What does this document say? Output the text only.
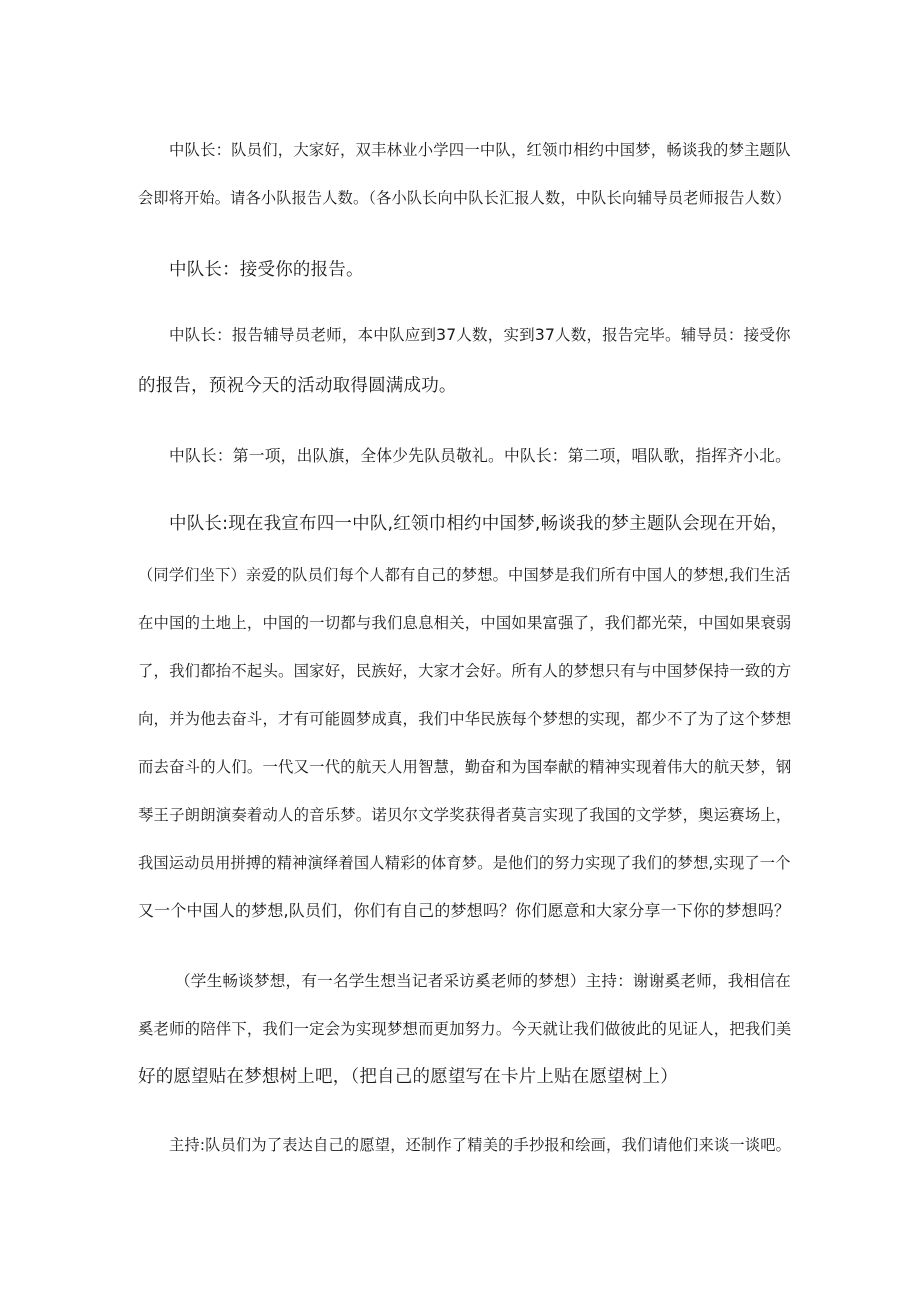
中队长：队员们，大家好，双丰林业小学四一中队，红领巾相约中国梦，畅谈我的梦主题队
会即将开始。请各小队报告人数。（各小队长向中队长汇报人数，中队长向辅导员老师报告人数）
中队长：接受你的报告。
中队长：报告辅导员老师，本中队应到37人数，实到37人数，报告完毕。辅导员：接受你
的报告，预祝今天的活动取得圆满成功。
中队长：第一项，出队旗，全体少先队员敬礼。中队长：第二项，唱队歌，指挥齐小北。
中队长:现在我宣布四一中队,红领巾相约中国梦,畅谈我的梦主题队会现在开始，
（同学们坐下）亲爱的队员们每个人都有自己的梦想。中国梦是我们所有中国人的梦想,我们生活
在中国的土地上，中国的一切都与我们息息相关，中国如果富强了，我们都光荣，中国如果衰弱
了，我们都抬不起头。国家好，民族好，大家才会好。所有人的梦想只有与中国梦保持一致的方
向，并为他去奋斗，才有可能圆梦成真，我们中华民族每个梦想的实现，都少不了为了这个梦想
而去奋斗的人们。一代又一代的航天人用智慧，勤奋和为国奉献的精神实现着伟大的航天梦，钢
琴王子朗朗演奏着动人的音乐梦。诺贝尔文学奖获得者莫言实现了我国的文学梦，奥运赛场上，
我国运动员用拼搏的精神演绎着国人精彩的体育梦。是他们的努力实现了我们的梦想,实现了一个
又一个中国人的梦想,队员们，你们有自己的梦想吗？你们愿意和大家分享一下你的梦想吗？
（学生畅谈梦想，有一名学生想当记者采访奚老师的梦想）主持：谢谢奚老师，我相信在
奚老师的陪伴下，我们一定会为实现梦想而更加努力。今天就让我们做彼此的见证人，把我们美
好的愿望贴在梦想树上吧，（把自己的愿望写在卡片上贴在愿望树上）
主持:队员们为了表达自己的愿望，还制作了精美的手抄报和绘画，我们请他们来谈一谈吧。
